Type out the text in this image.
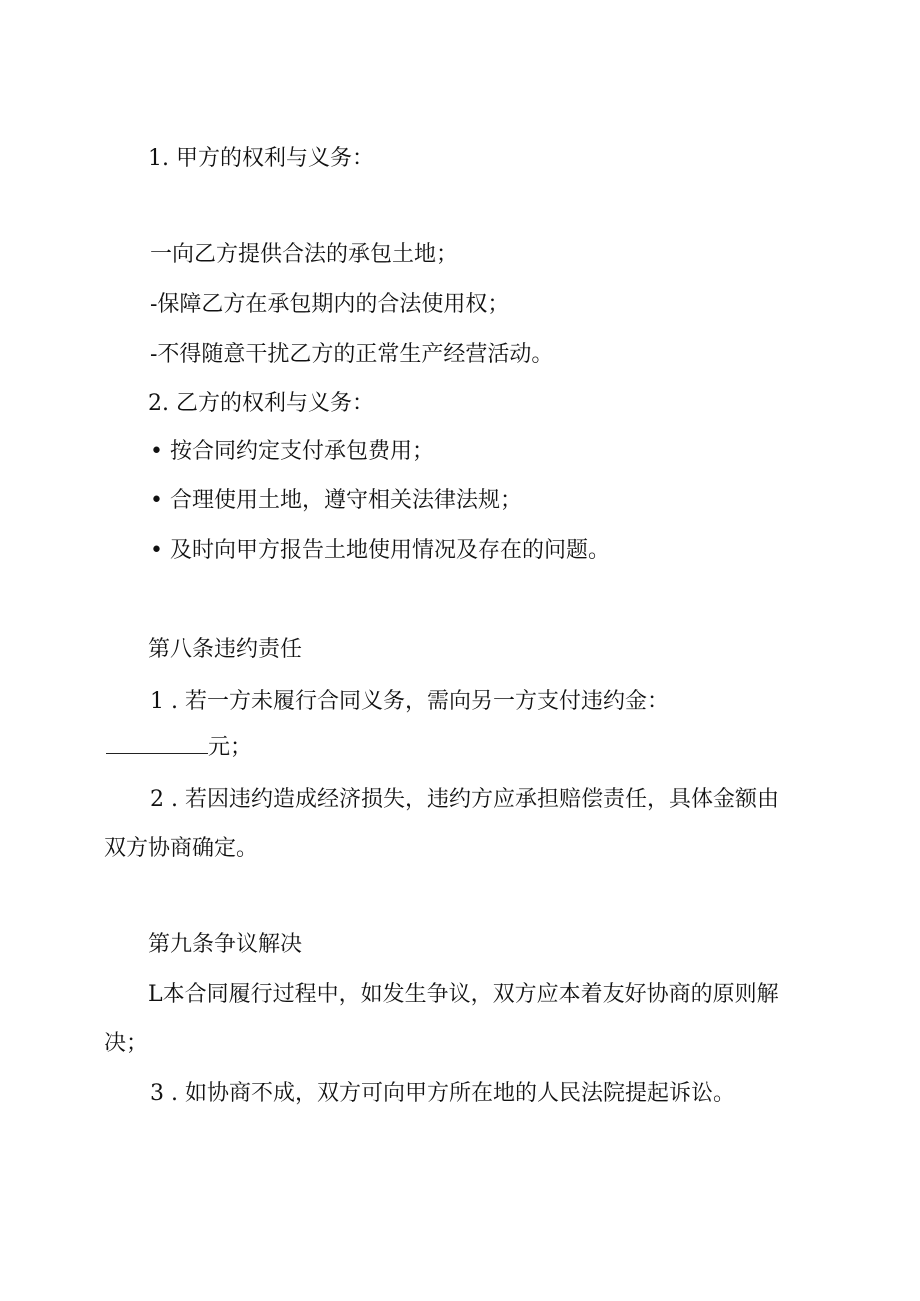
1. 甲方的权利与义务：

一向乙方提供合法的承包土地；

-保障乙方在承包期内的合法使用权；

-不得随意干扰乙方的正常生产经营活动。

2. 乙方的权利与义务：

• 按合同约定支付承包费用；

• 合理使用土地，遵守相关法律法规；

• 及时向甲方报告土地使用情况及存在的问题。

第八条违约责任

1 . 若一方未履行合同义务，需向另一方支付违约金：

元；

2 . 若因违约造成经济损失，违约方应承担赔偿责任，具体金额由

双方协商确定。

第九条争议解决

L本合同履行过程中，如发生争议，双方应本着友好协商的原则解

决；

3 . 如协商不成，双方可向甲方所在地的人民法院提起诉讼。
